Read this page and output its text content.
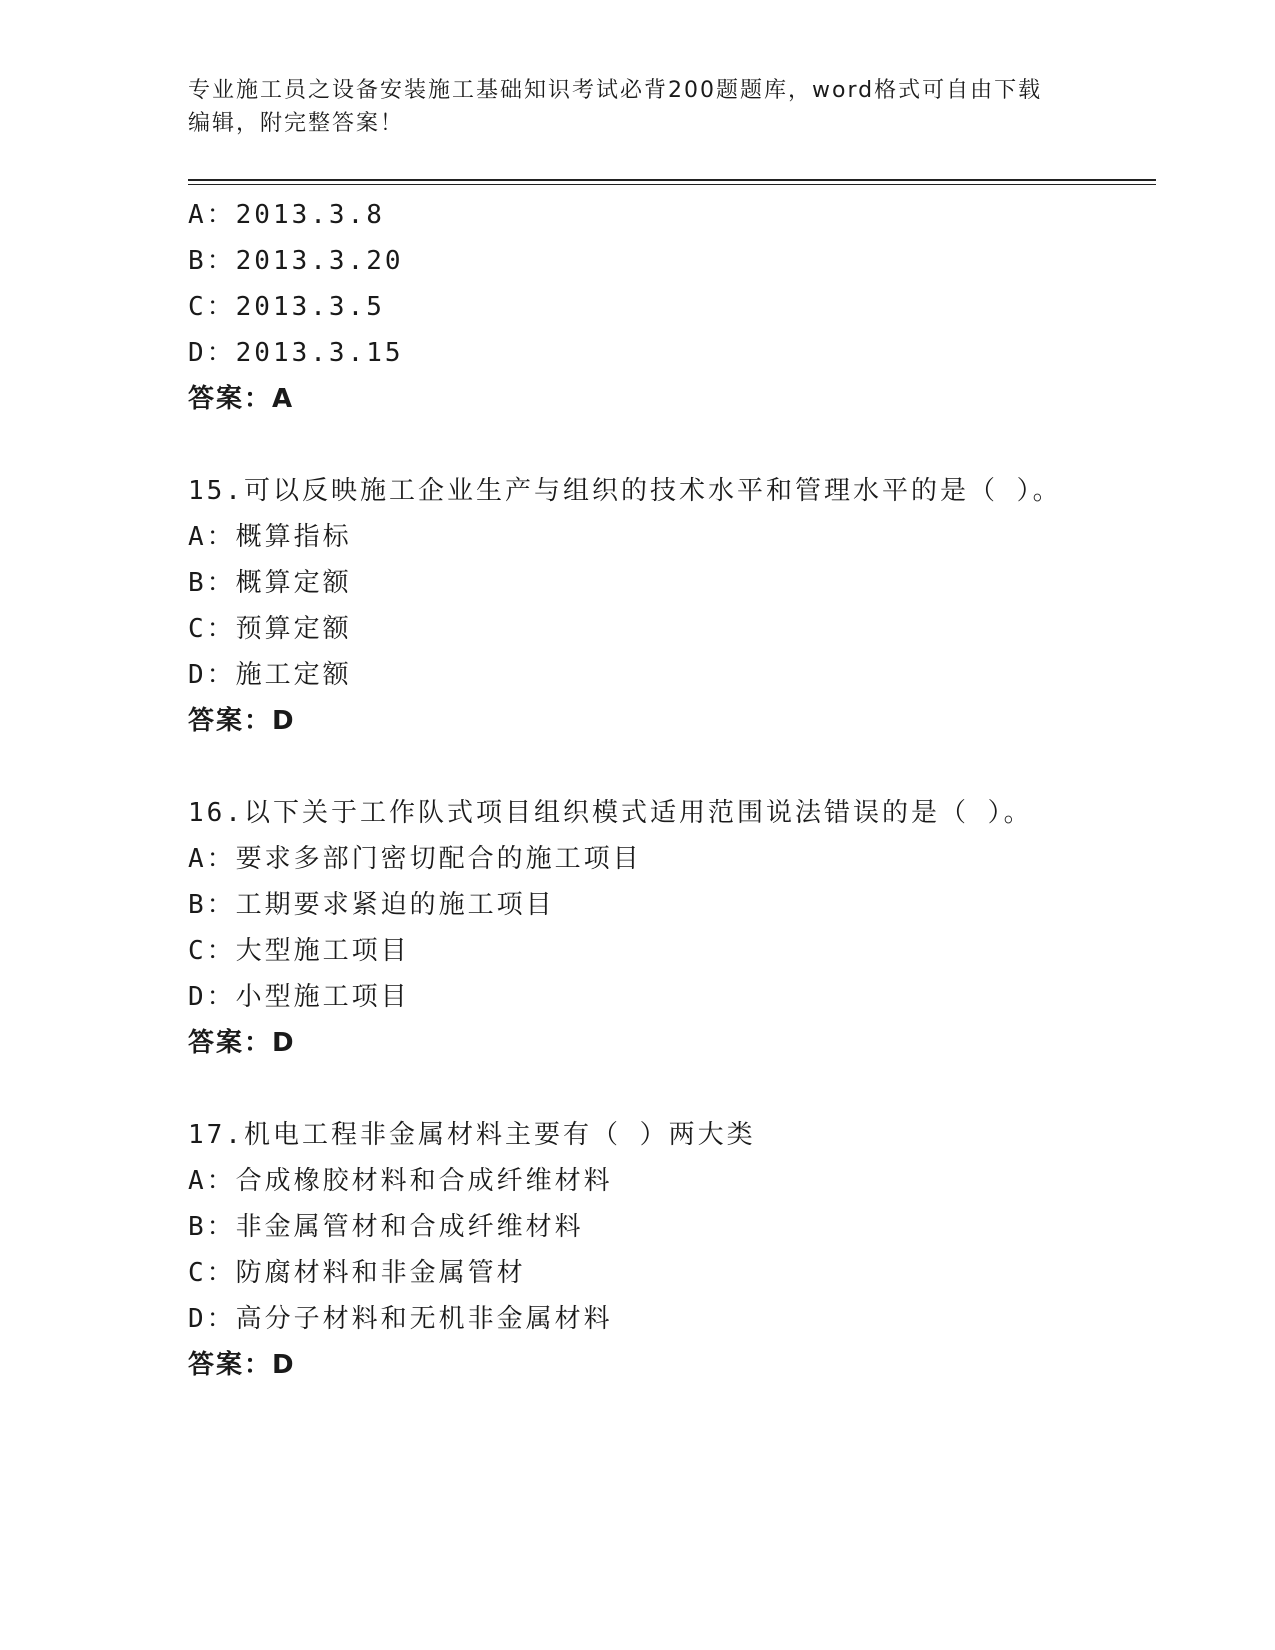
专业施工员之设备安装施工基础知识考试必背200题题库，word格式可自由下载
编辑，附完整答案！
A：2013.3.8
B：2013.3.20
C：2013.3.5
D：2013.3.15
答案：A
15.可以反映施工企业生产与组织的技术水平和管理水平的是（ ）。
A：概算指标
B：概算定额
C：预算定额
D：施工定额
答案：D
16.以下关于工作队式项目组织模式适用范围说法错误的是（ ）。
A：要求多部门密切配合的施工项目
B：工期要求紧迫的施工项目
C：大型施工项目
D：小型施工项目
答案：D
17.机电工程非金属材料主要有（ ）两大类
A：合成橡胶材料和合成纤维材料
B：非金属管材和合成纤维材料
C：防腐材料和非金属管材
D：高分子材料和无机非金属材料
答案：D
